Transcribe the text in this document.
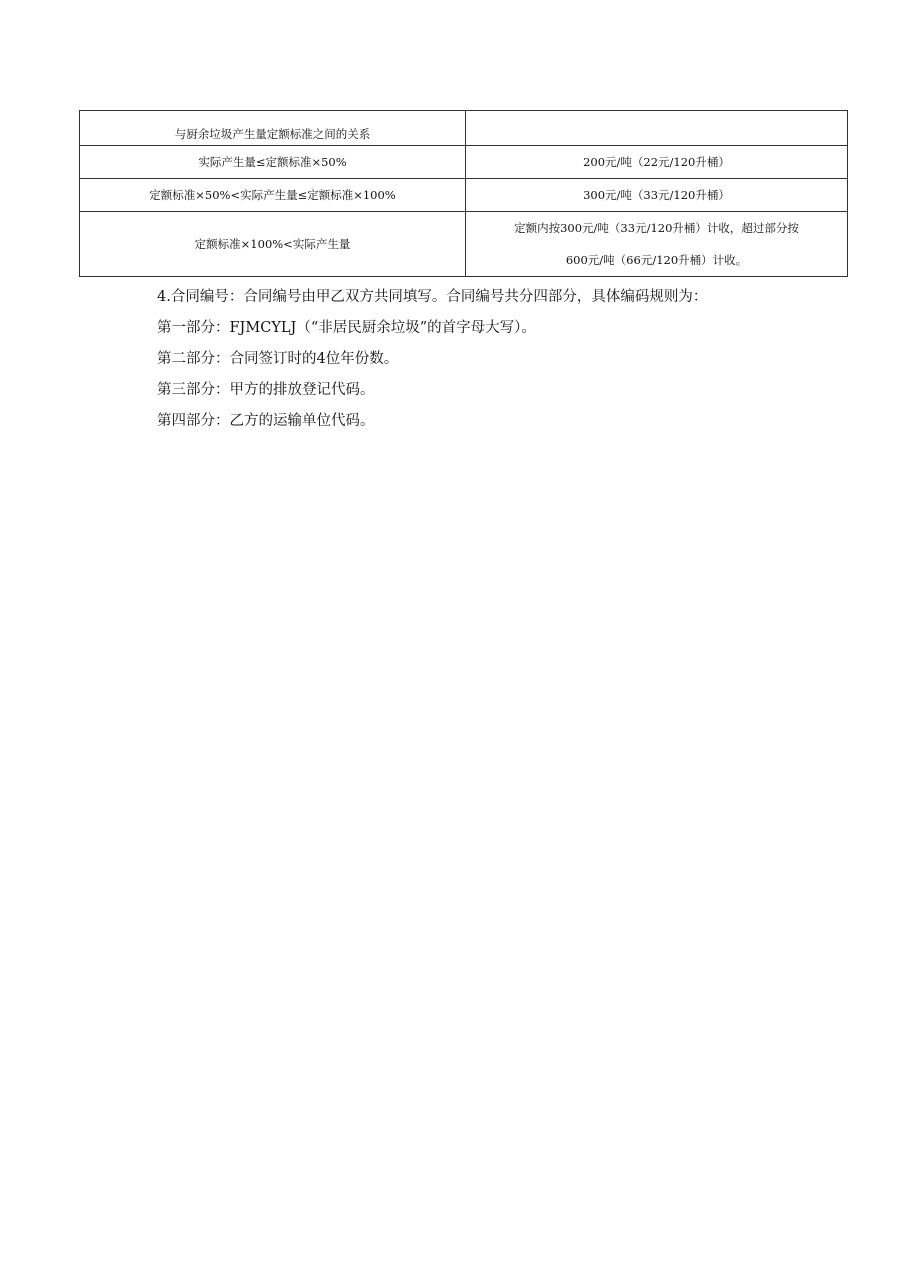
与厨余垃圾产生量定额标准之间的关系	
实际产生量≤定额标准×50%	200元/吨（22元/120升桶）
定额标准×50%<实际产生量≤定额标准×100%	300元/吨（33元/120升桶）
定额标准×100%<实际产生量	定额内按300元/吨（33元/120升桶）计收，超过部分按
600元/吨（66元/120升桶）计收。

4.合同编号：合同编号由甲乙双方共同填写。合同编号共分四部分，具体编码规则为：

第一部分：FJMCYLJ（“非居民厨余垃圾”的首字母大写）。

第二部分：合同签订时的4位年份数。

第三部分：甲方的排放登记代码。

第四部分：乙方的运输单位代码。
